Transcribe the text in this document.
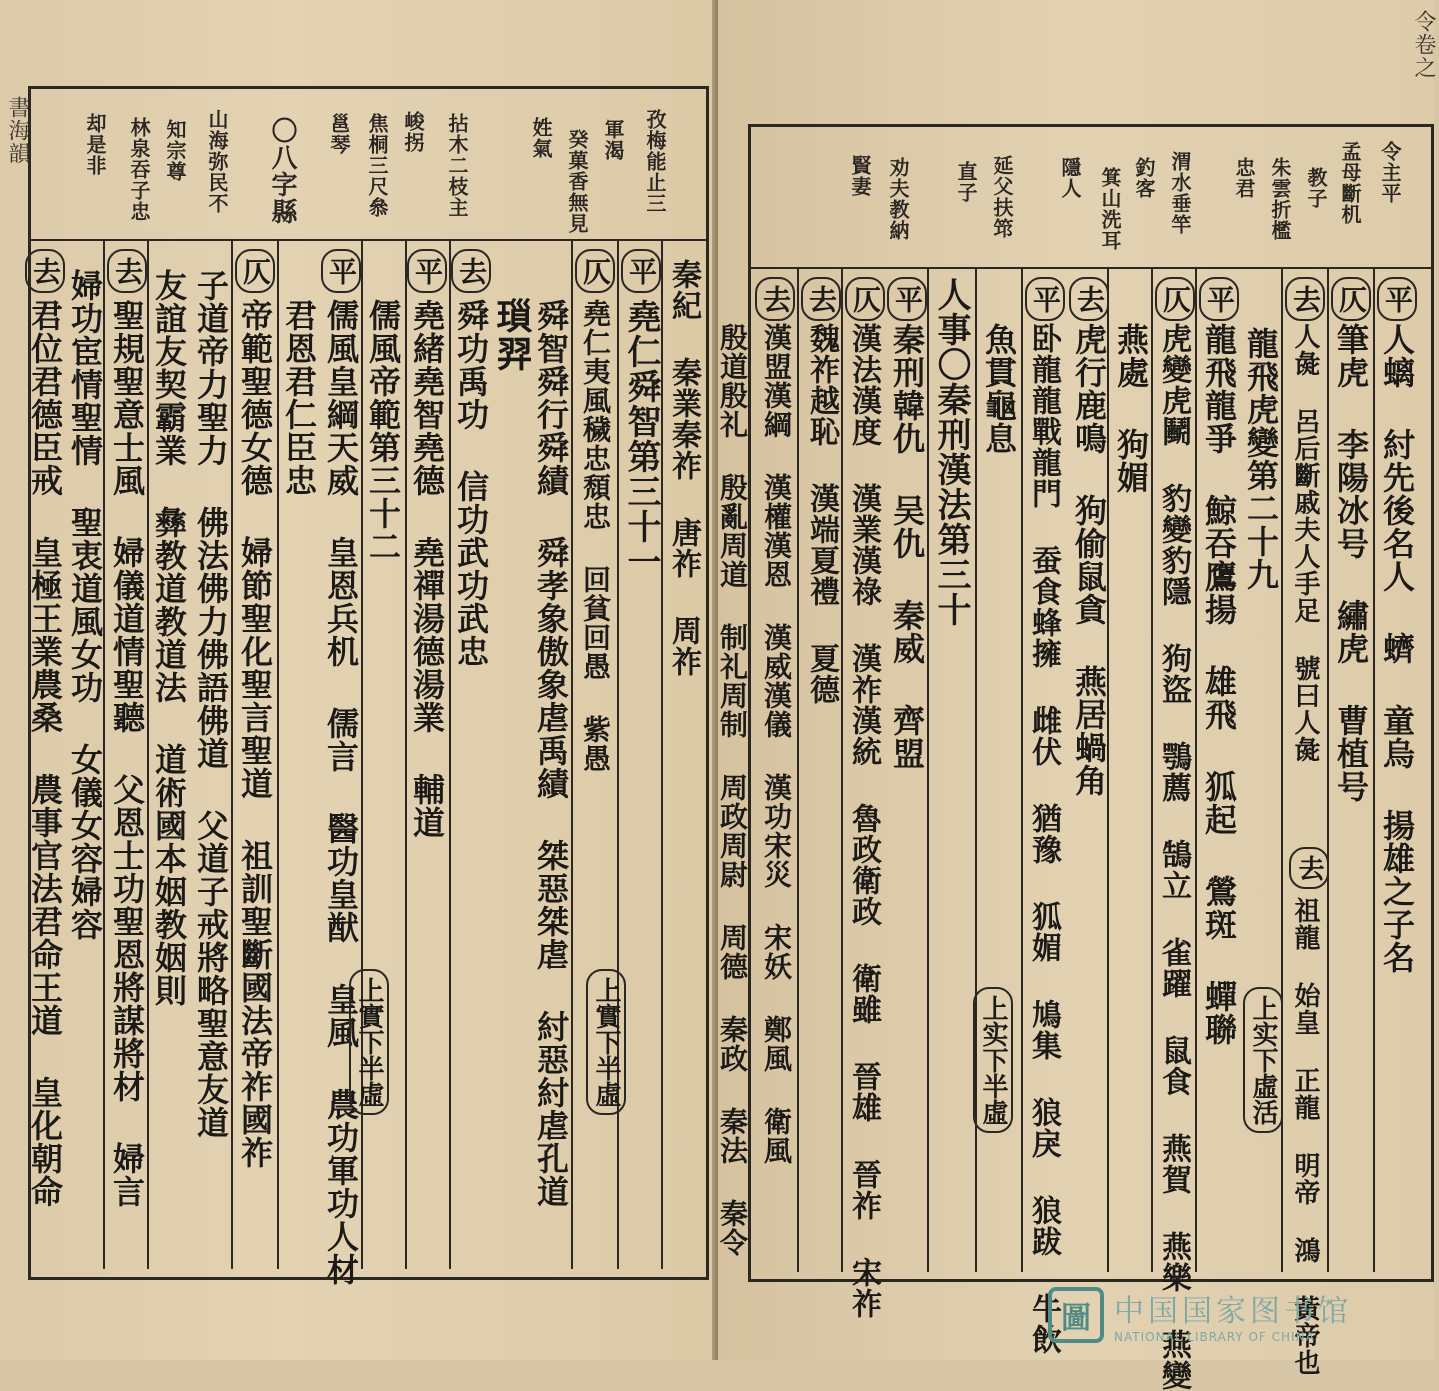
書海韻	孜梅能止三
軍渴
癸菓香無見
姓氣
拈木二枝主
峻拐
焦桐三尺叅
邕琴
〇八字縣
山海弥民不
知宗尊
林泉吞子忠
却是非
秦紀 秦業秦祚 唐祚 周祚
平
堯仁舜智第三十一
仄
舜智舜行舜績 舜孝象傲象虐禹績 桀惡桀虐 紂惡紂虐孔道 堯仁夷風穢忠頹忠 回貧回愚 紫愚
𤨏羿
去
舜功禹功 信功武功武忠
平
堯緒堯智堯德 堯禪湯德湯業 輔道
平
儒風皇綱天威 皇恩兵机 儒言 醫功皇猷 皇風 農功軍功人材 儒風帝範第三十二
君恩君仁臣忠
仄
帝範聖德女德 婦節聖化聖言聖道 祖訓聖斷國法帝祚國祚
子道帝力聖力 佛法佛力佛語佛道 父道子戒將略聖意友道
友誼友契霸業 彝教道教道法 道術國本姻教姻則
去
聖規聖意士風 婦儀道情聖聽 父恩士功聖恩將謀將材 婦言
婦功宦情聖情 聖衷道風女功 女儀女容婦容
去
君位君德臣戒 皇極王業農桑 農事官法君命王道 皇化朝命	上實下半虛
上實下半虛
令卷之
令主平
孟母斷机
教子
朱雲折檻
忠君
渭水垂竿
釣客
箕山洗耳
隱人
延父扶筇
直子
劝夫教納
賢妻
平
人螭 紂先後名人 蠐 童烏 揚雄之子名
仄
筆虎 李陽冰号 繡虎 曹植号
去
人彘 呂后斷戚夫人手足 號曰人彘
龍飛虎變第二十九
平
龍飛龍爭 鯨吞鷹揚 雄飛 狐起 鶯斑 蟬聯
仄
虎變虎鬭 豹變豹隱 狗盜 鶚薦 鵠立 雀躍 鼠食 燕賀 燕樂 燕變
燕處 狗媚
平
卧龍龍戰龍門 蚕食蜂擁 雌伏 猶豫 狐媚 鳩集 狼戾 狼跋 牛飲
去
虎行鹿鳴 狗偷鼠貪 燕居蝸角
魚貫龜息
人事〇秦刑漢法第三十
平
秦刑韓仇 吴仇 秦威 齊盟
仄
漢法漢度 漢業漢祿 漢祚漢統 魯政衛政 衛雖 晉雄 晉祚 宋祚
魏祚越恥 漢端夏禮 夏德
去
漢盟漢綱 漢權漢恩 漢威漢儀 漢功宋災 宋妖 鄭風 衛風
去
殷道殷礼 殷亂周道 制礼周制 周政周尉 周德 秦政 秦法 秦令	去
祖龍 始皇 正龍 明帝 鴻 黃帝也
上实下半虛	上实下虛活
圖 中国国家图书馆
NATIONAL LIBRARY OF CHINA
